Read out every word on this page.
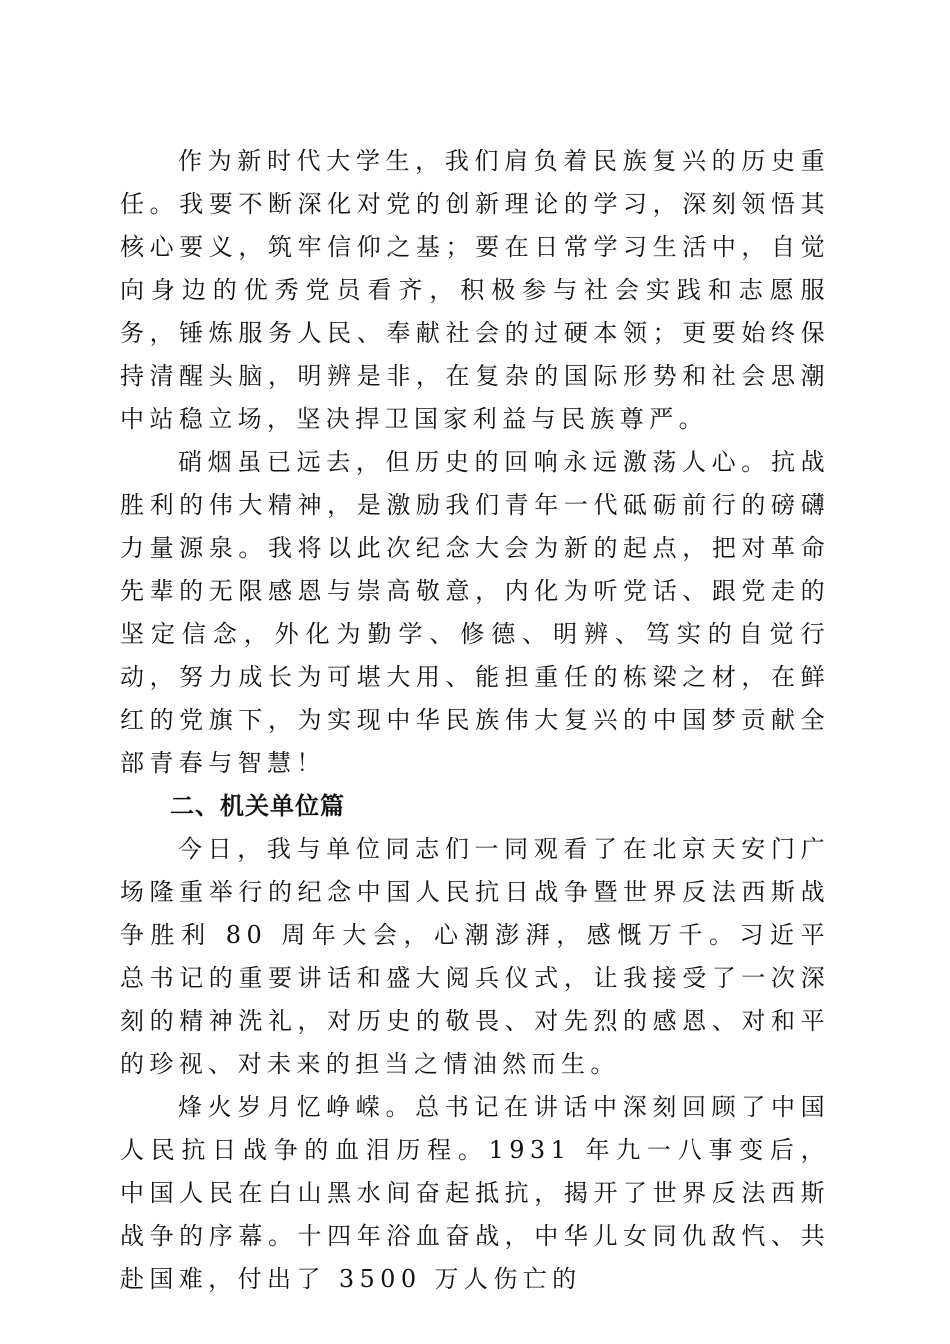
作为新时代大学生，我们肩负着民族复兴的历史重任。我要不断深化对党的创新理论的学习，深刻领悟其核心要义，筑牢信仰之基；要在日常学习生活中，自觉向身边的优秀党员看齐，积极参与社会实践和志愿服务，锤炼服务人民、奉献社会的过硬本领；更要始终保持清醒头脑，明辨是非，在复杂的国际形势和社会思潮中站稳立场，坚决捍卫国家利益与民族尊严。

硝烟虽已远去，但历史的回响永远激荡人心。抗战胜利的伟大精神，是激励我们青年一代砥砺前行的磅礴力量源泉。我将以此次纪念大会为新的起点，把对革命先辈的无限感恩与崇高敬意，内化为听党话、跟党走的坚定信念，外化为勤学、修德、明辨、笃实的自觉行动，努力成长为可堪大用、能担重任的栋梁之材，在鲜红的党旗下，为实现中华民族伟大复兴的中国梦贡献全部青春与智慧！

二、机关单位篇

今日，我与单位同志们一同观看了在北京天安门广场隆重举行的纪念中国人民抗日战争暨世界反法西斯战争胜利 80 周年大会，心潮澎湃，感慨万千。习近平总书记的重要讲话和盛大阅兵仪式，让我接受了一次深刻的精神洗礼，对历史的敬畏、对先烈的感恩、对和平的珍视、对未来的担当之情油然而生。

烽火岁月忆峥嵘。总书记在讲话中深刻回顾了中国人民抗日战争的血泪历程。1931 年九一八事变后，中国人民在白山黑水间奋起抵抗，揭开了世界反法西斯战争的序幕。十四年浴血奋战，中华儿女同仇敌忾、共赴国难，付出了 3500 万人伤亡的
